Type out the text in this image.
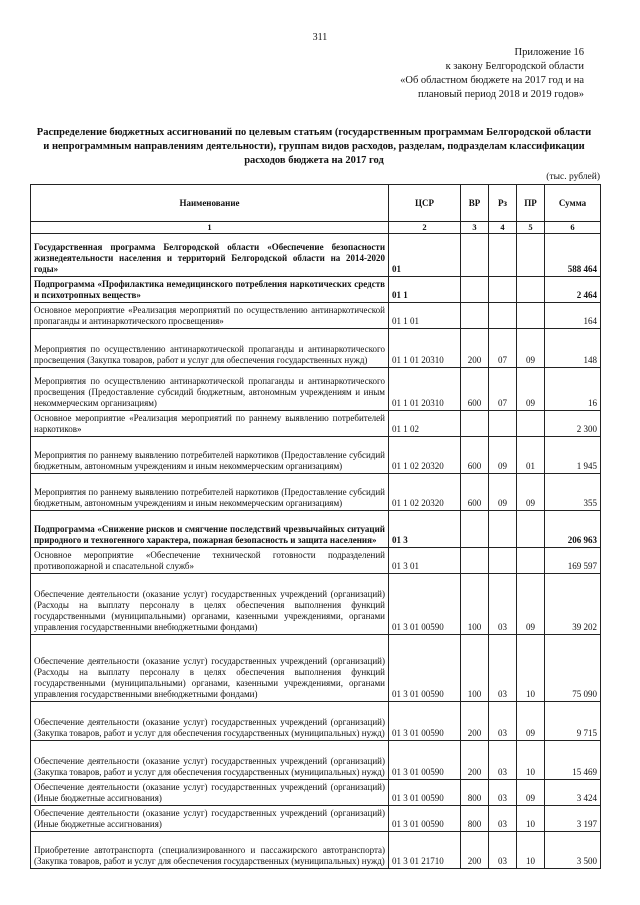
311
Приложение 16
к закону Белгородской области
«Об областном бюджете на 2017 год и на
плановый период 2018 и 2019 годов»
Распределение бюджетных ассигнований по целевым статьям (государственным программам Белгородской области и непрограммным направлениям деятельности), группам видов расходов, разделам, подразделам классификации расходов бюджета на 2017 год
(тыс. рублей)
Наименование	ЦСР	ВР	Рз	ПР	Сумма
1	2	3	4	5	6
Государственная программа Белгородской области «Обеспечение безопасности жизнедеятельности населения и территорий Белгородской области на 2014-2020 годы»	01				588 464
Подпрограмма «Профилактика немедицинского потребления наркотических средств и психотропных веществ»	01 1				2 464
Основное мероприятие «Реализация мероприятий по осуществлению антинаркотической пропаганды и антинаркотического просвещения»	01 1 01				164
Мероприятия по осуществлению антинаркотической пропаганды и антинаркотического просвещения (Закупка товаров, работ и услуг для обеспечения государственных нужд)	01 1 01 20310	200	07	09	148
Мероприятия по осуществлению антинаркотической пропаганды и антинаркотического просвещения (Предоставление субсидий бюджетным, автономным учреждениям и иным некоммерческим организациям)	01 1 01 20310	600	07	09	16
Основное мероприятие «Реализация мероприятий по раннему выявлению потребителей наркотиков»	01 1 02				2 300
Мероприятия по раннему выявлению потребителей наркотиков (Предоставление субсидий бюджетным, автономным учреждениям и иным некоммерческим организациям)	01 1 02 20320	600	09	01	1 945
Мероприятия по раннему выявлению потребителей наркотиков (Предоставление субсидий бюджетным, автономным учреждениям и иным некоммерческим организациям)	01 1 02 20320	600	09	09	355
Подпрограмма «Снижение рисков и смягчение последствий чрезвычайных ситуаций природного и техногенного характера, пожарная безопасность и защита населения»	01 3				206 963
Основное мероприятие «Обеспечение технической готовности подразделений противопожарной и спасательной служб»	01 3 01				169 597
Обеспечение деятельности (оказание услуг) государственных учреждений (организаций) (Расходы на выплату персоналу в целях обеспечения выполнения функций государственными (муниципальными) органами, казенными учреждениями, органами управления государственными внебюджетными фондами)	01 3 01 00590	100	03	09	39 202
Обеспечение деятельности (оказание услуг) государственных учреждений (организаций) (Расходы на выплату персоналу в целях обеспечения выполнения функций государственными (муниципальными) органами, казенными учреждениями, органами управления государственными внебюджетными фондами)	01 3 01 00590	100	03	10	75 090
Обеспечение деятельности (оказание услуг) государственных учреждений (организаций) (Закупка товаров, работ и услуг для обеспечения государственных (муниципальных) нужд)	01 3 01 00590	200	03	09	9 715
Обеспечение деятельности (оказание услуг) государственных учреждений (организаций) (Закупка товаров, работ и услуг для обеспечения государственных (муниципальных) нужд)	01 3 01 00590	200	03	10	15 469
Обеспечение деятельности (оказание услуг) государственных учреждений (организаций) (Иные бюджетные ассигнования)	01 3 01 00590	800	03	09	3 424
Обеспечение деятельности (оказание услуг) государственных учреждений (организаций) (Иные бюджетные ассигнования)	01 3 01 00590	800	03	10	3 197
Приобретение автотранспорта (специализированного и пассажирского автотранспорта) (Закупка товаров, работ и услуг для обеспечения государственных (муниципальных) нужд)	01 3 01 21710	200	03	10	3 500
